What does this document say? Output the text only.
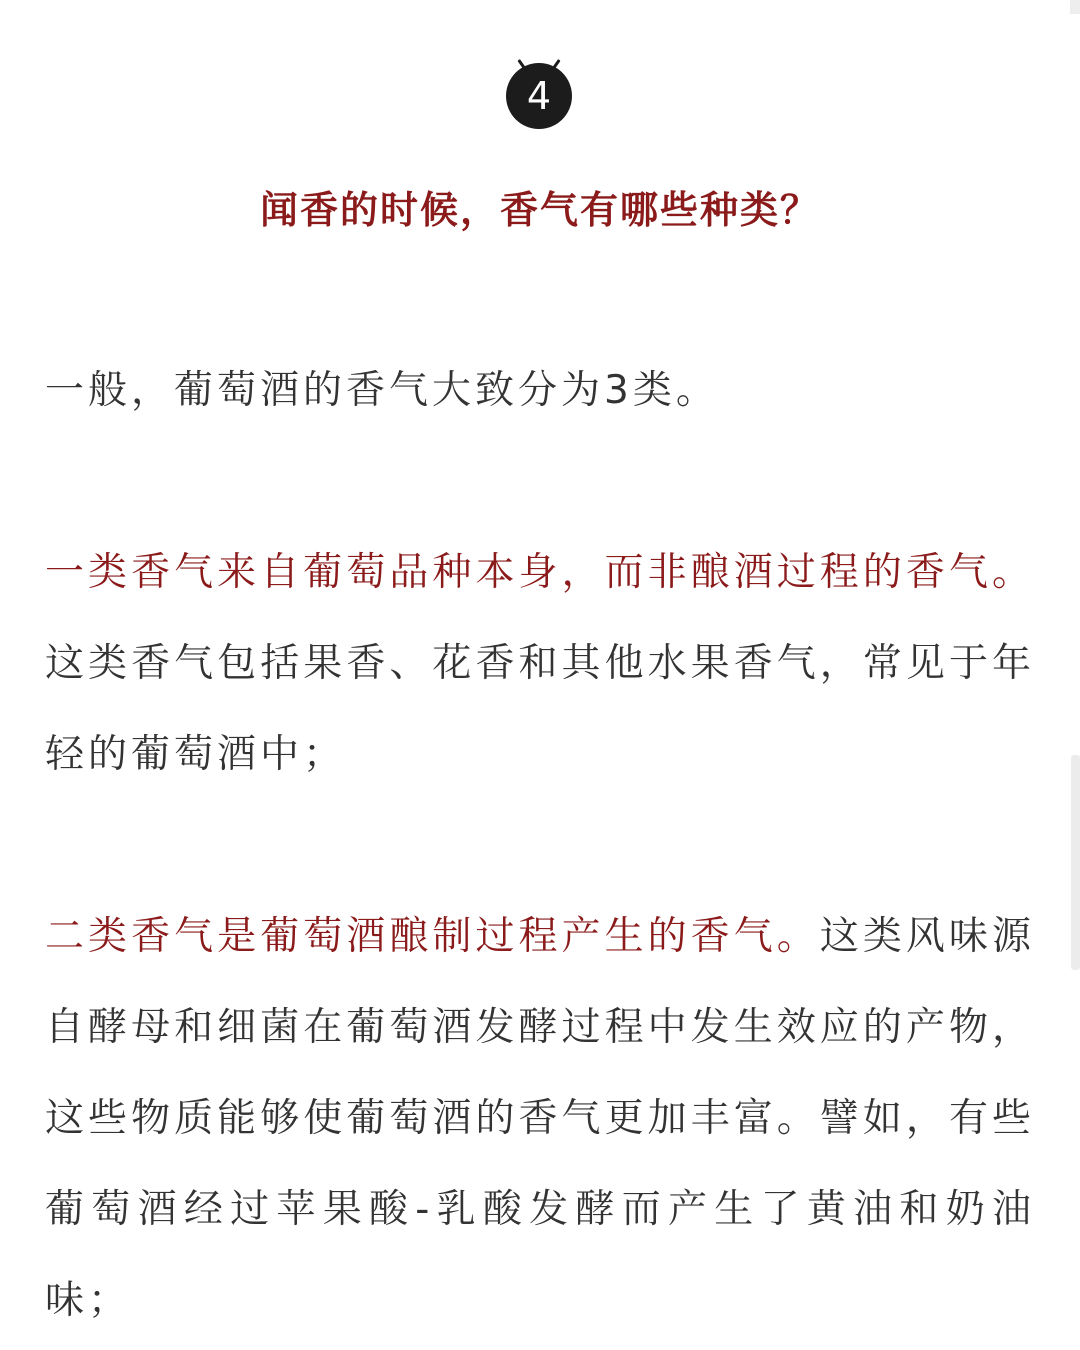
4
闻香的时候，香气有哪些种类？

一般，葡萄酒的香气大致分为3类。

一类香气来自葡萄品种本身，而非酿酒过程的香气。这类香气包括果香、花香和其他水果香气，常见于年轻的葡萄酒中；

二类香气是葡萄酒酿制过程产生的香气。这类风味源自酵母和细菌在葡萄酒发酵过程中发生效应的产物，这些物质能够使葡萄酒的香气更加丰富。譬如，有些葡萄酒经过苹果酸-乳酸发酵而产生了黄油和奶油味；
